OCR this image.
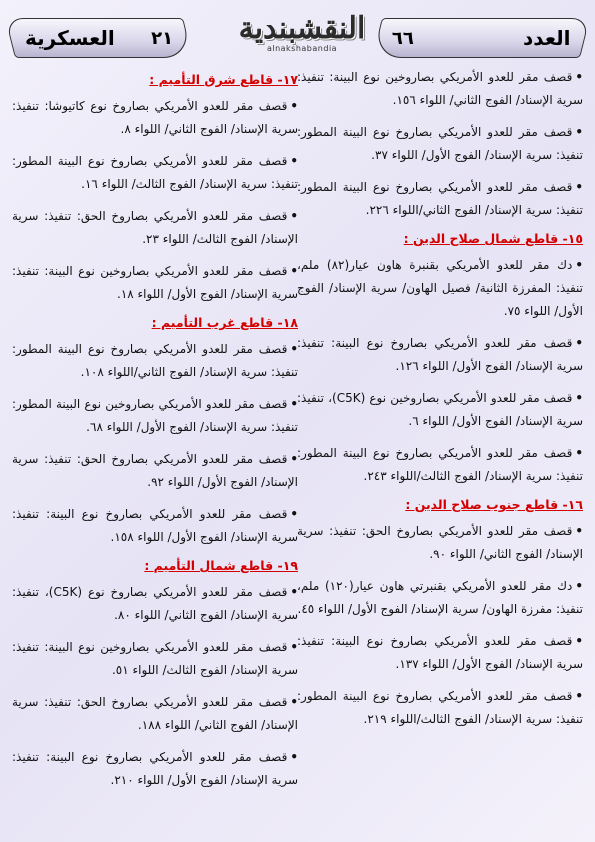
العدد
٦٦
النقشبندية
alnakshabandia
٢١
العسكرية

•قصف مقر للعدو الأمريكي بصاروخين نوع البينة: تنفيذ: سرية الإسناد/ الفوج الثاني/ اللواء ١٥٦.

•قصف مقر للعدو الأمريكي بصاروخ نوع البينة المطور: تنفيذ: سرية الإسناد/ الفوج الأول/ اللواء ٣٧.

•قصف مقر للعدو الأمريكي بصاروخ نوع البينة المطور: تنفيذ: سرية الإسناد/ الفوج الثاني/اللواء ٢٢٦.

١٥- قاطع شمال صلاح الدين :

•دك مقر للعدو الأمريكي بقنبرة هاون عيار(٨٢) ملم، تنفيذ: المفرزة الثانية/ فصيل الهاون/ سرية الإسناد/ الفوج الأول/ اللواء ٧٥.

•قصف مقر للعدو الأمريكي بصاروخ نوع البينة: تنفيذ: سرية الإسناد/ الفوج الأول/ اللواء ١٢٦.

•قصف مقر للعدو الأمريكي بصاروخين نوع (C5K)، تنفيذ: سرية الإسناد/ الفوج الأول/ اللواء ٦.

•قصف مقر للعدو الأمريكي بصاروخ نوع البينة المطور: تنفيذ: سرية الإسناد/ الفوج الثالث/اللواء ٢٤٣.

١٦- قاطع جنوب صلاح الدين :

•قصف مقر للعدو الأمريكي بصاروخ الحق: تنفيذ: سرية الإسناد/ الفوج الثاني/ اللواء ٩٠.

•دك مقر للعدو الأمريكي بقنبرتي هاون عيار(١٢٠) ملم، تنفيذ: مفرزة الهاون/ سرية الإسناد/ الفوج الأول/ اللواء ٤٥.

•قصف مقر للعدو الأمريكي بصاروخ نوع البينة: تنفيذ: سرية الإسناد/ الفوج الأول/ اللواء ١٣٧.

•قصف مقر للعدو الأمريكي بصاروخ نوع البينة المطور: تنفيذ: سرية الإسناد/ الفوج الثالث/اللواء ٢١٩.

١٧- قاطع شرق التأميم :

•قصف مقر للعدو الأمريكي بصاروخ نوع كاتيوشا: تنفيذ: سرية الإسناد/ الفوج الثاني/ اللواء ٨.

•قصف مقر للعدو الأمريكي بصاروخ نوع البينة المطور: تنفيذ: سرية الإسناد/ الفوج الثالث/ اللواء ١٦.

•قصف مقر للعدو الأمريكي بصاروخ الحق: تنفيذ: سرية الإسناد/ الفوج الثالث/ اللواء ٢٣.

•قصف مقر للعدو الأمريكي بصاروخين نوع البينة: تنفيذ: سرية الإسناد/ الفوج الأول/ اللواء ١٨.

١٨- قاطع غرب التأميم :

•قصف مقر للعدو الأمريكي بصاروخ نوع البينة المطور: تنفيذ: سرية الإسناد/ الفوج الثاني/اللواء ١٠٨.

•قصف مقر للعدو الأمريكي بصاروخين نوع البينة المطور: تنفيذ: سرية الإسناد/ الفوج الأول/ اللواء ٦٨.

•قصف مقر للعدو الأمريكي بصاروخ الحق: تنفيذ: سرية الإسناد/ الفوج الأول/ اللواء ٩٢.

•قصف مقر للعدو الأمريكي بصاروخ نوع البينة: تنفيذ: سرية الإسناد/ الفوج الأول/ اللواء ١٥٨.

١٩- قاطع شمال التأميم :

•قصف مقر للعدو الأمريكي بصاروخ نوع (C5K)، تنفيذ: سرية الإسناد/ الفوج الثاني/ اللواء ٨٠.

•قصف مقر للعدو الأمريكي بصاروخين نوع البينة: تنفيذ: سرية الإسناد/ الفوج الثالث/ اللواء ٥١.

•قصف مقر للعدو الأمريكي بصاروخ الحق: تنفيذ: سرية الإسناد/ الفوج الثاني/ اللواء ١٨٨.

•قصف مقر للعدو الأمريكي بصاروخ نوع البينة: تنفيذ: سرية الإسناد/ الفوج الأول/ اللواء ٢١٠.
